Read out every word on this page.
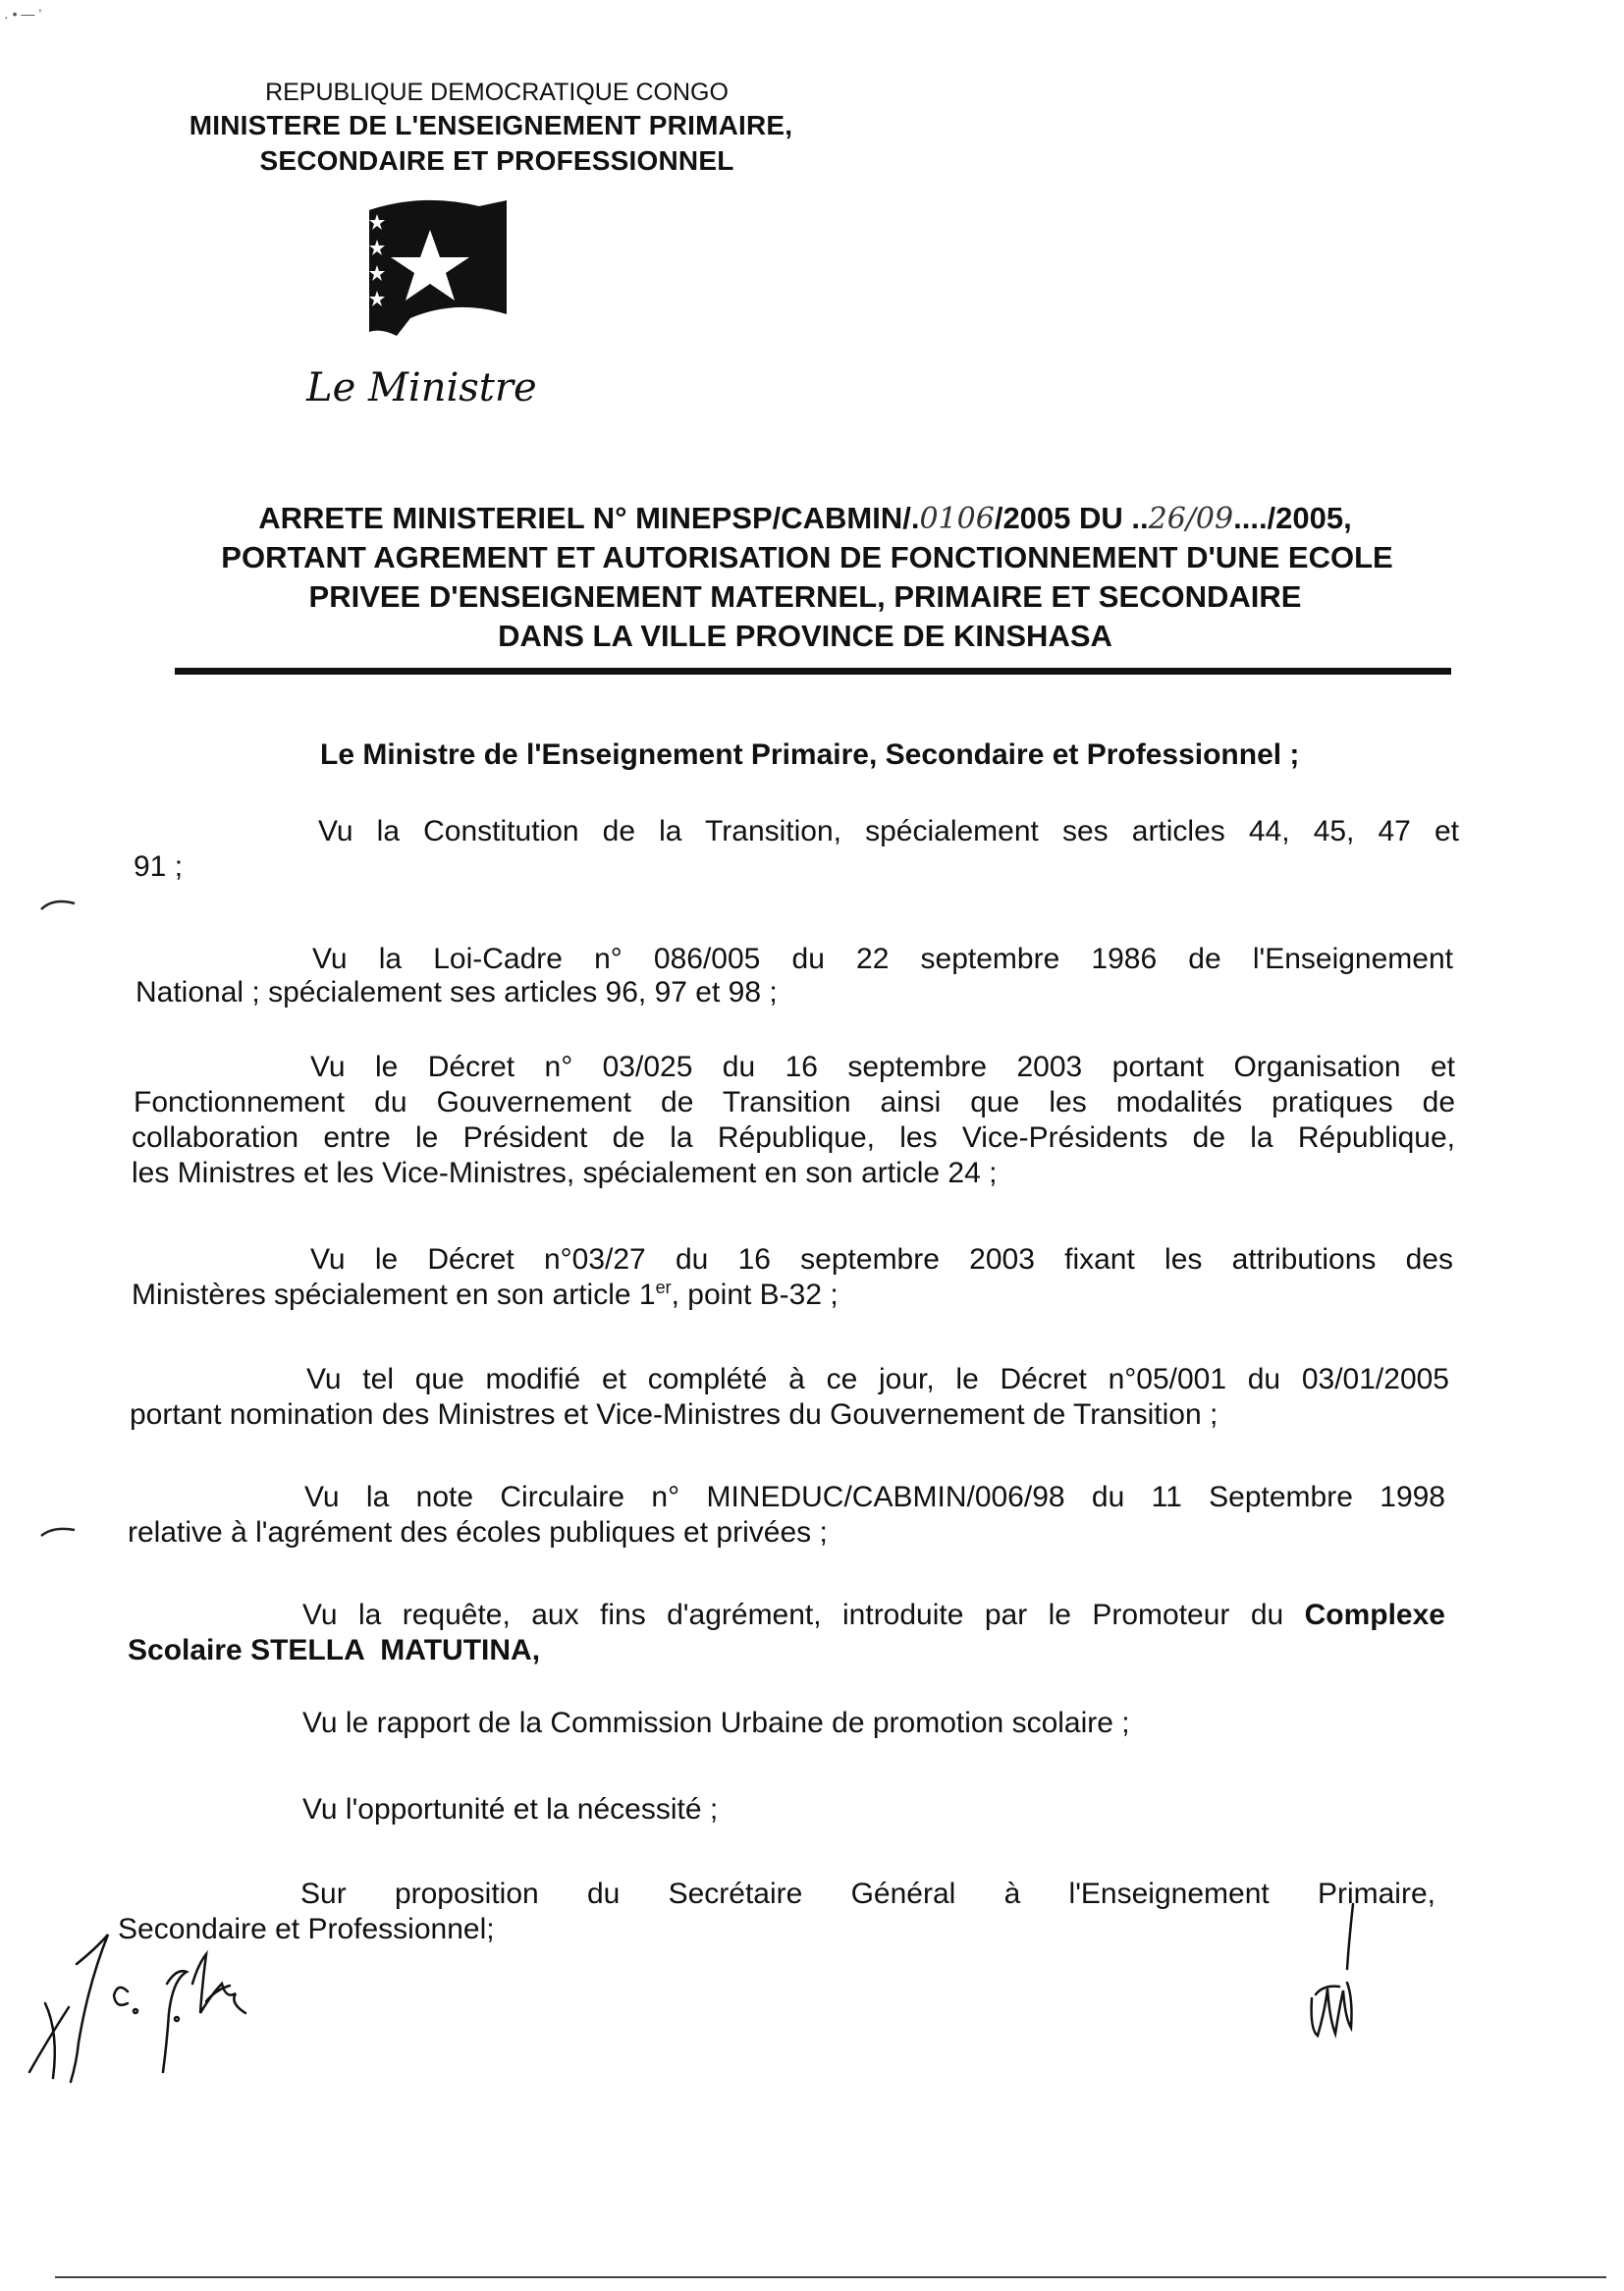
․ • — ’
REPUBLIQUE DEMOCRATIQUE CONGO
MINISTERE DE L'ENSEIGNEMENT PRIMAIRE,
SECONDAIRE ET PROFESSIONNEL
Le Ministre
ARRETE MINISTERIEL N° MINEPSP/CABMIN/.0106/2005 DU ..26/09..../2005,
PORTANT AGREMENT ET AUTORISATION DE FONCTIONNEMENT D'UNE ECOLE
PRIVEE D'ENSEIGNEMENT MATERNEL, PRIMAIRE ET SECONDAIRE
DANS LA VILLE PROVINCE DE KINSHASA
Le Ministre de l'Enseignement Primaire, Secondaire et Professionnel ;
Vu la Constitution de la Transition, spécialement ses articles 44, 45, 47 et
91 ;
Vu la Loi-Cadre n° 086/005 du 22 septembre 1986 de l'Enseignement
National ; spécialement ses articles 96, 97 et 98 ;
Vu le Décret n° 03/025 du 16 septembre 2003 portant Organisation et
Fonctionnement du Gouvernement de Transition ainsi que les modalités pratiques de
collaboration entre le Président de la République, les Vice-Présidents de la République,
les Ministres et les Vice-Ministres, spécialement en son article 24 ;
Vu le Décret n°03/27 du 16 septembre 2003 fixant les attributions des
Ministères spécialement en son article 1er, point B-32 ;
Vu tel que modifié et complété à ce jour, le Décret n°05/001 du 03/01/2005
portant nomination des Ministres et Vice-Ministres du Gouvernement de Transition ;
Vu la note Circulaire n° MINEDUC/CABMIN/006/98 du 11 Septembre 1998
relative à l'agrément des écoles publiques et privées ;
Vu la requête, aux fins d'agrément, introduite par le Promoteur du Complexe
Scolaire STELLA  MATUTINA,
Vu le rapport de la Commission Urbaine de promotion scolaire ;
Vu l'opportunité et la nécessité ;
Sur proposition du Secrétaire Général à l'Enseignement Primaire,
Secondaire et Professionnel;
